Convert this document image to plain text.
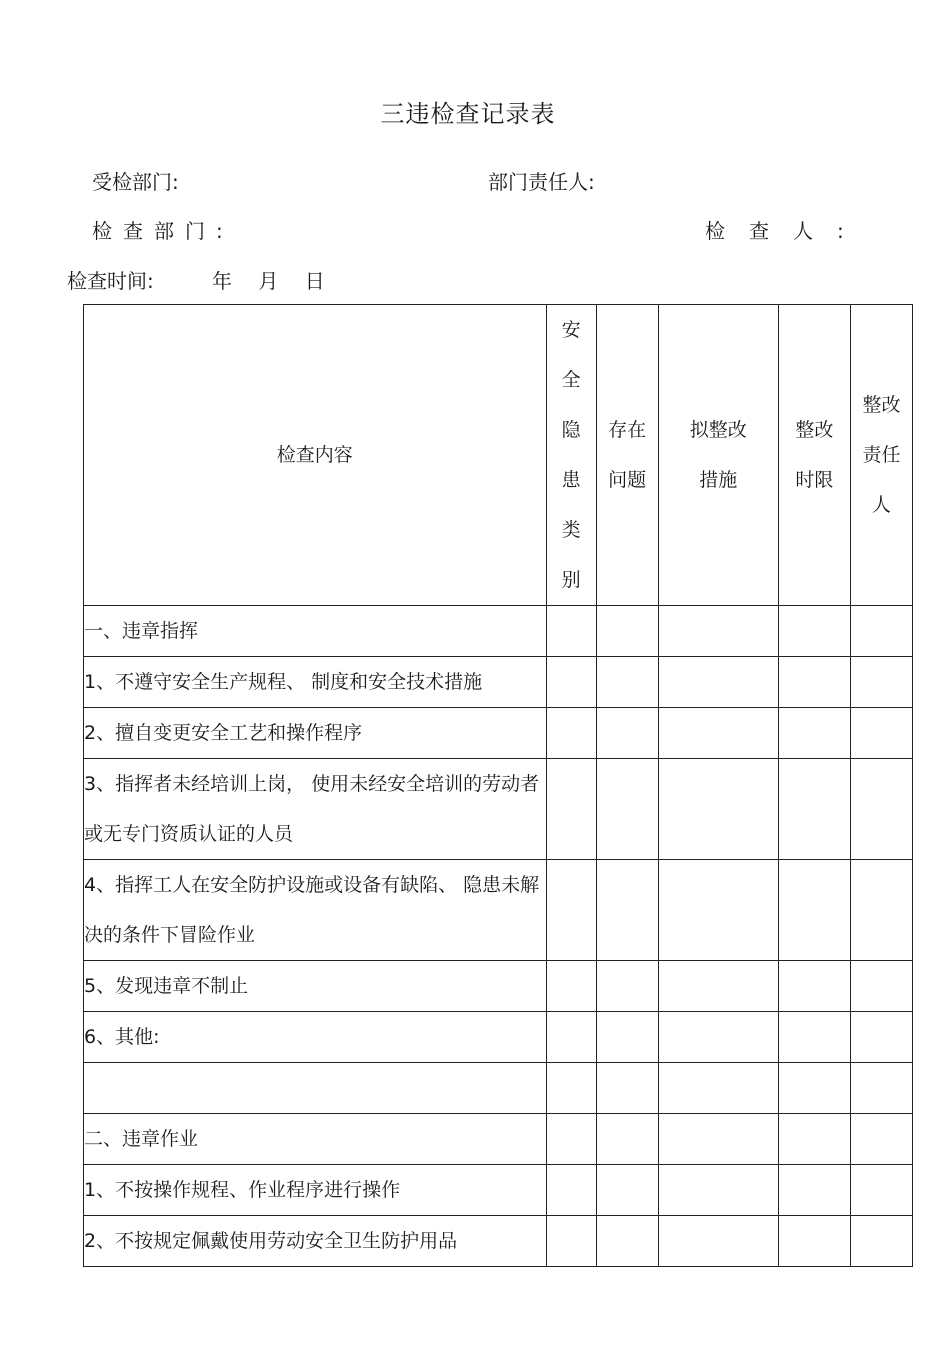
三违检查记录表
受检部门:	部门责任人:
检查部门:	检查人:
检查时间:	年 月 日
检查内容	安全隐患类别	存在问题	拟整改措施	整改时限	整改责任人

一、违章指挥					
1、不遵守安全生产规程、 制度和安全技术措施					
2、擅自变更安全工艺和操作程序					
3、指挥者未经培训上岗， 使用未经安全培训的劳动者或无专门资质认证的人员					
4、指挥工人在安全防护设施或设备有缺陷、 隐患未解决的条件下冒险作业					
5、发现违章不制止					
6、其他:					

二、违章作业					
1、不按操作规程、作业程序进行操作					
2、不按规定佩戴使用劳动安全卫生防护用品					
